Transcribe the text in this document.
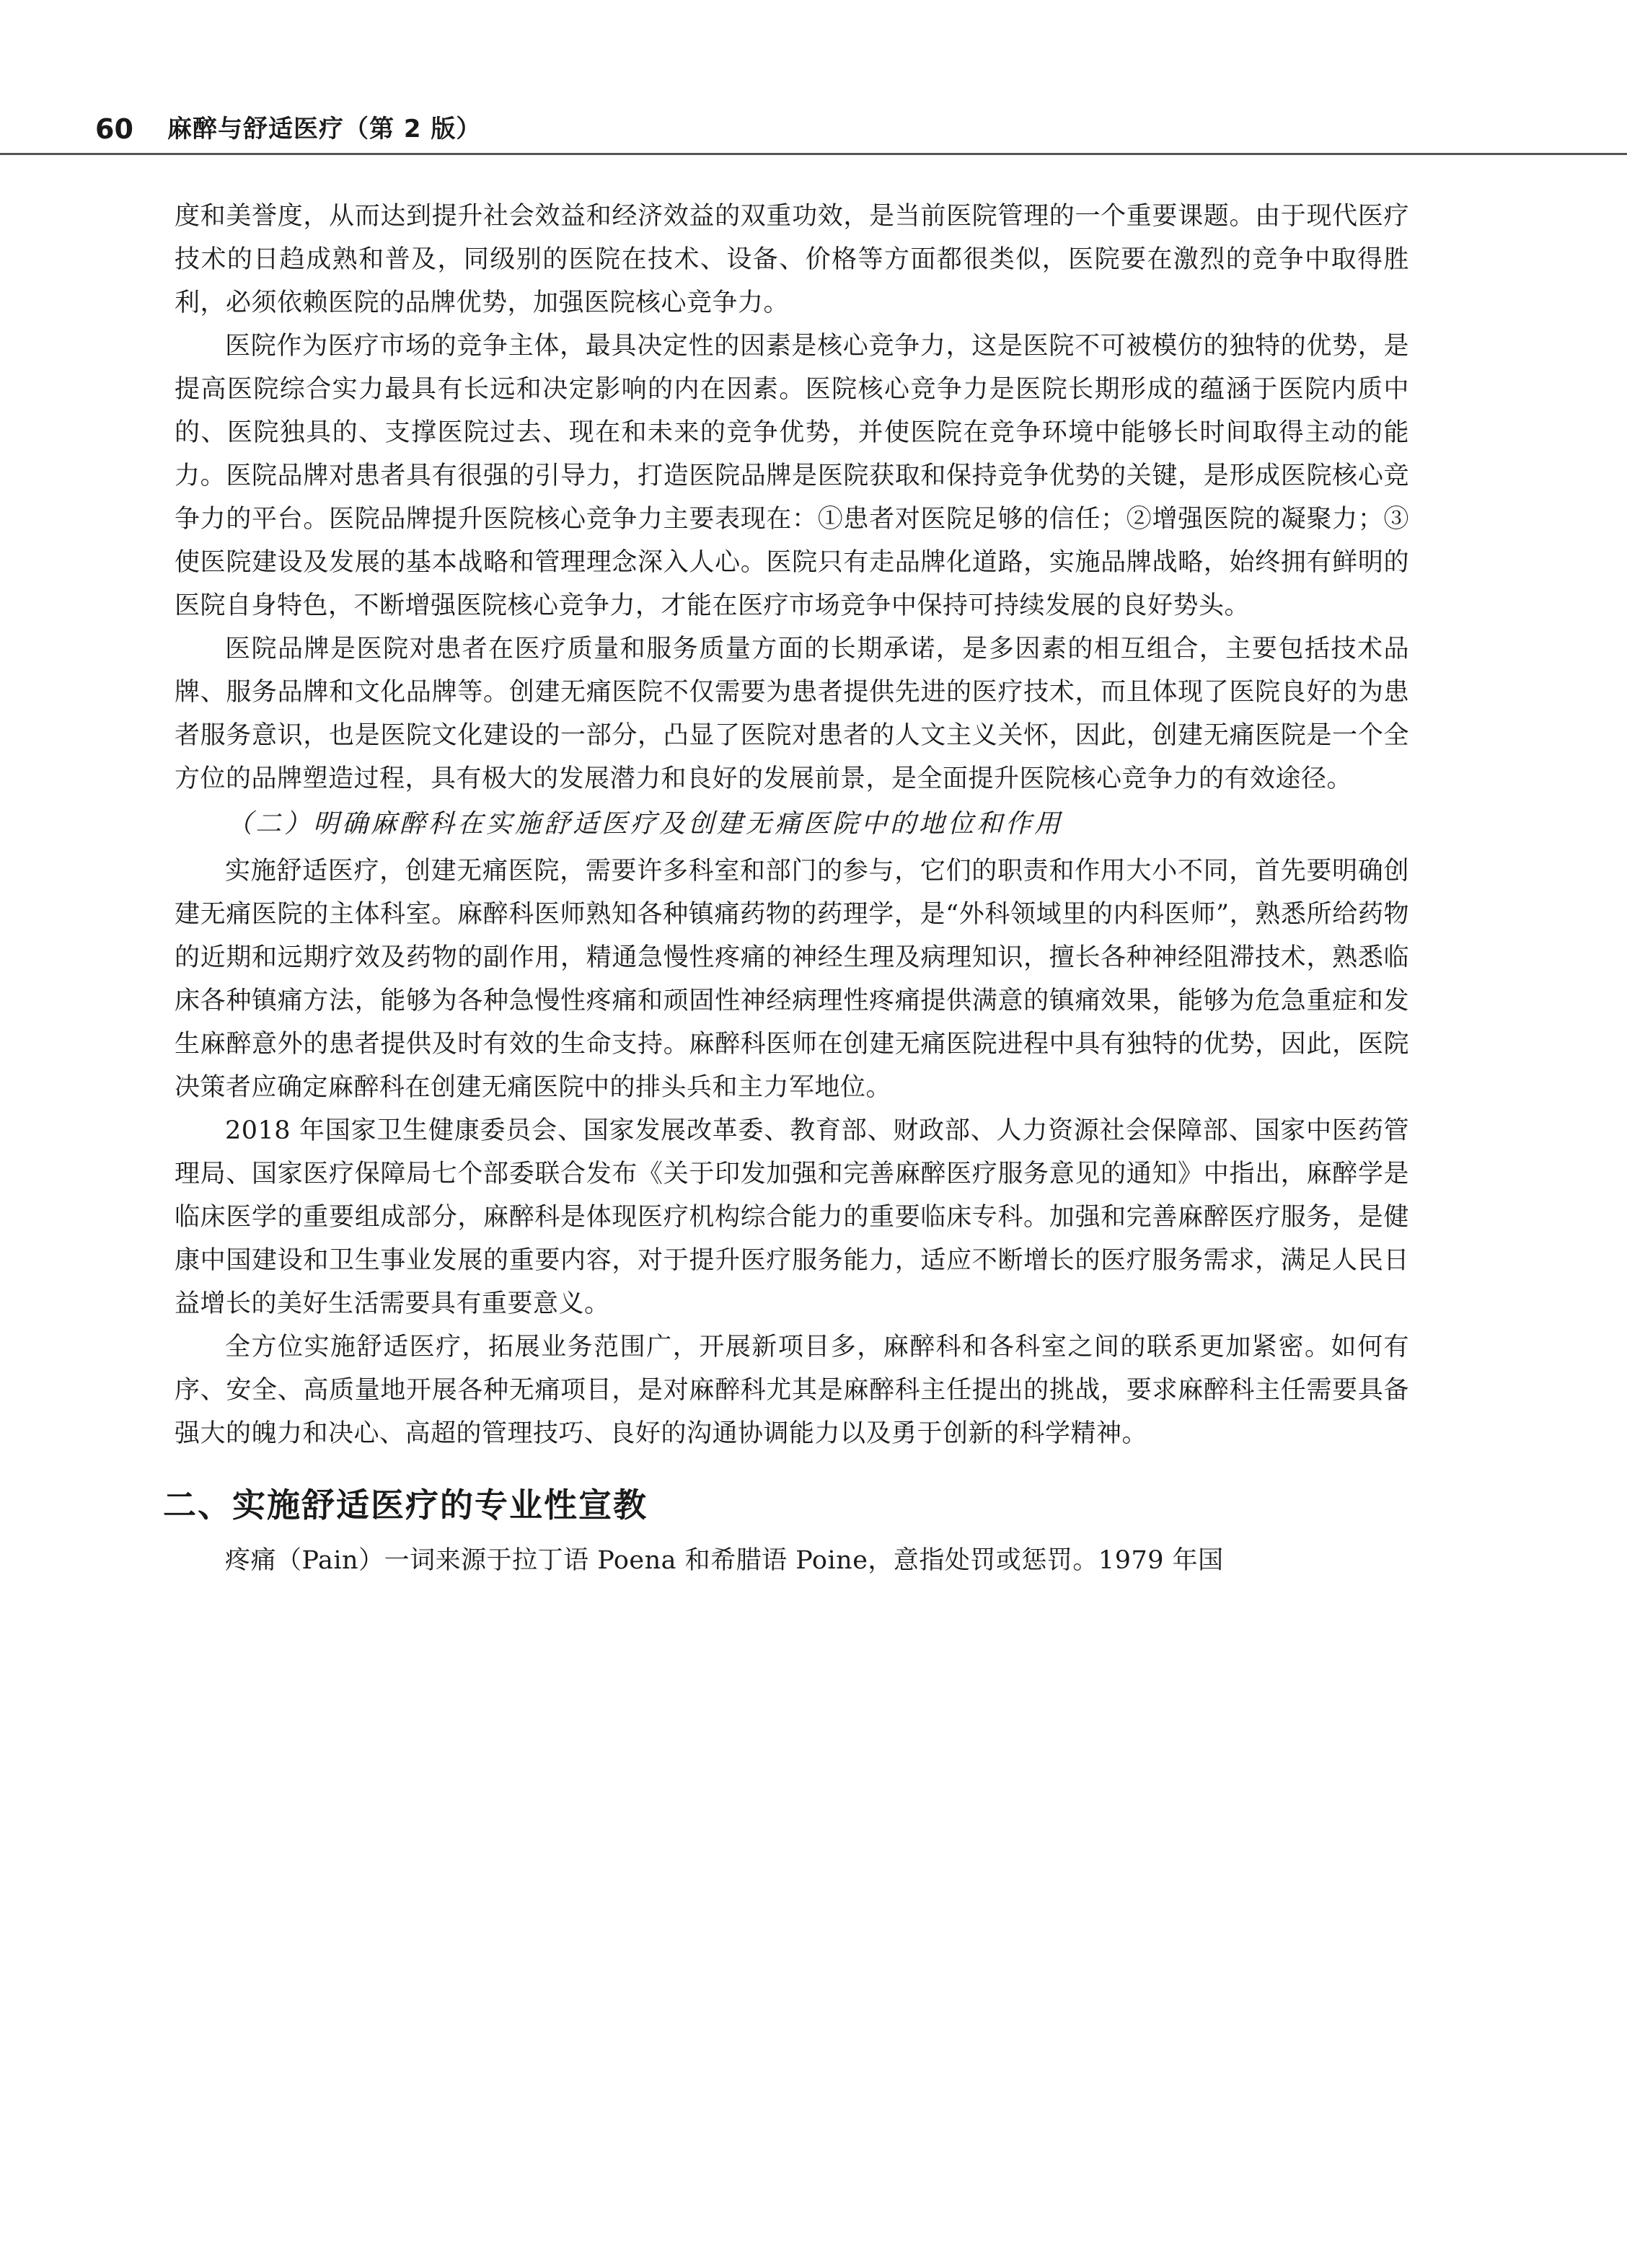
60 麻醉与舒适医疗（第 2 版）

度和美誉度，从而达到提升社会效益和经济效益的双重功效，是当前医院管理的一个重要课题。由于现代医疗技术的日趋成熟和普及，同级别的医院在技术、设备、价格等方面都很类似，医院要在激烈的竞争中取得胜利，必须依赖医院的品牌优势，加强医院核心竞争力。

医院作为医疗市场的竞争主体，最具决定性的因素是核心竞争力，这是医院不可被模仿的独特的优势，是提高医院综合实力最具有长远和决定影响的内在因素。医院核心竞争力是医院长期形成的蕴涵于医院内质中的、医院独具的、支撑医院过去、现在和未来的竞争优势，并使医院在竞争环境中能够长时间取得主动的能力。医院品牌对患者具有很强的引导力，打造医院品牌是医院获取和保持竞争优势的关键，是形成医院核心竞争力的平台。医院品牌提升医院核心竞争力主要表现在：①患者对医院足够的信任；②增强医院的凝聚力；③使医院建设及发展的基本战略和管理理念深入人心。医院只有走品牌化道路，实施品牌战略，始终拥有鲜明的医院自身特色，不断增强医院核心竞争力，才能在医疗市场竞争中保持可持续发展的良好势头。

医院品牌是医院对患者在医疗质量和服务质量方面的长期承诺，是多因素的相互组合，主要包括技术品牌、服务品牌和文化品牌等。创建无痛医院不仅需要为患者提供先进的医疗技术，而且体现了医院良好的为患者服务意识，也是医院文化建设的一部分，凸显了医院对患者的人文主义关怀，因此，创建无痛医院是一个全方位的品牌塑造过程，具有极大的发展潜力和良好的发展前景，是全面提升医院核心竞争力的有效途径。

（二）明确麻醉科在实施舒适医疗及创建无痛医院中的地位和作用

实施舒适医疗，创建无痛医院，需要许多科室和部门的参与，它们的职责和作用大小不同，首先要明确创建无痛医院的主体科室。麻醉科医师熟知各种镇痛药物的药理学，是“外科领域里的内科医师”，熟悉所给药物的近期和远期疗效及药物的副作用，精通急慢性疼痛的神经生理及病理知识，擅长各种神经阻滞技术，熟悉临床各种镇痛方法，能够为各种急慢性疼痛和顽固性神经病理性疼痛提供满意的镇痛效果，能够为危急重症和发生麻醉意外的患者提供及时有效的生命支持。麻醉科医师在创建无痛医院进程中具有独特的优势，因此，医院决策者应确定麻醉科在创建无痛医院中的排头兵和主力军地位。

2018 年国家卫生健康委员会、国家发展改革委、教育部、财政部、人力资源社会保障部、国家中医药管理局、国家医疗保障局七个部委联合发布《关于印发加强和完善麻醉医疗服务意见的通知》中指出，麻醉学是临床医学的重要组成部分，麻醉科是体现医疗机构综合能力的重要临床专科。加强和完善麻醉医疗服务，是健康中国建设和卫生事业发展的重要内容，对于提升医疗服务能力，适应不断增长的医疗服务需求，满足人民日益增长的美好生活需要具有重要意义。

全方位实施舒适医疗，拓展业务范围广，开展新项目多，麻醉科和各科室之间的联系更加紧密。如何有序、安全、高质量地开展各种无痛项目，是对麻醉科尤其是麻醉科主任提出的挑战，要求麻醉科主任需要具备强大的魄力和决心、高超的管理技巧、良好的沟通协调能力以及勇于创新的科学精神。

二、实施舒适医疗的专业性宣教

疼痛（Pain）一词来源于拉丁语 Poena 和希腊语 Poine，意指处罚或惩罚。1979 年国
